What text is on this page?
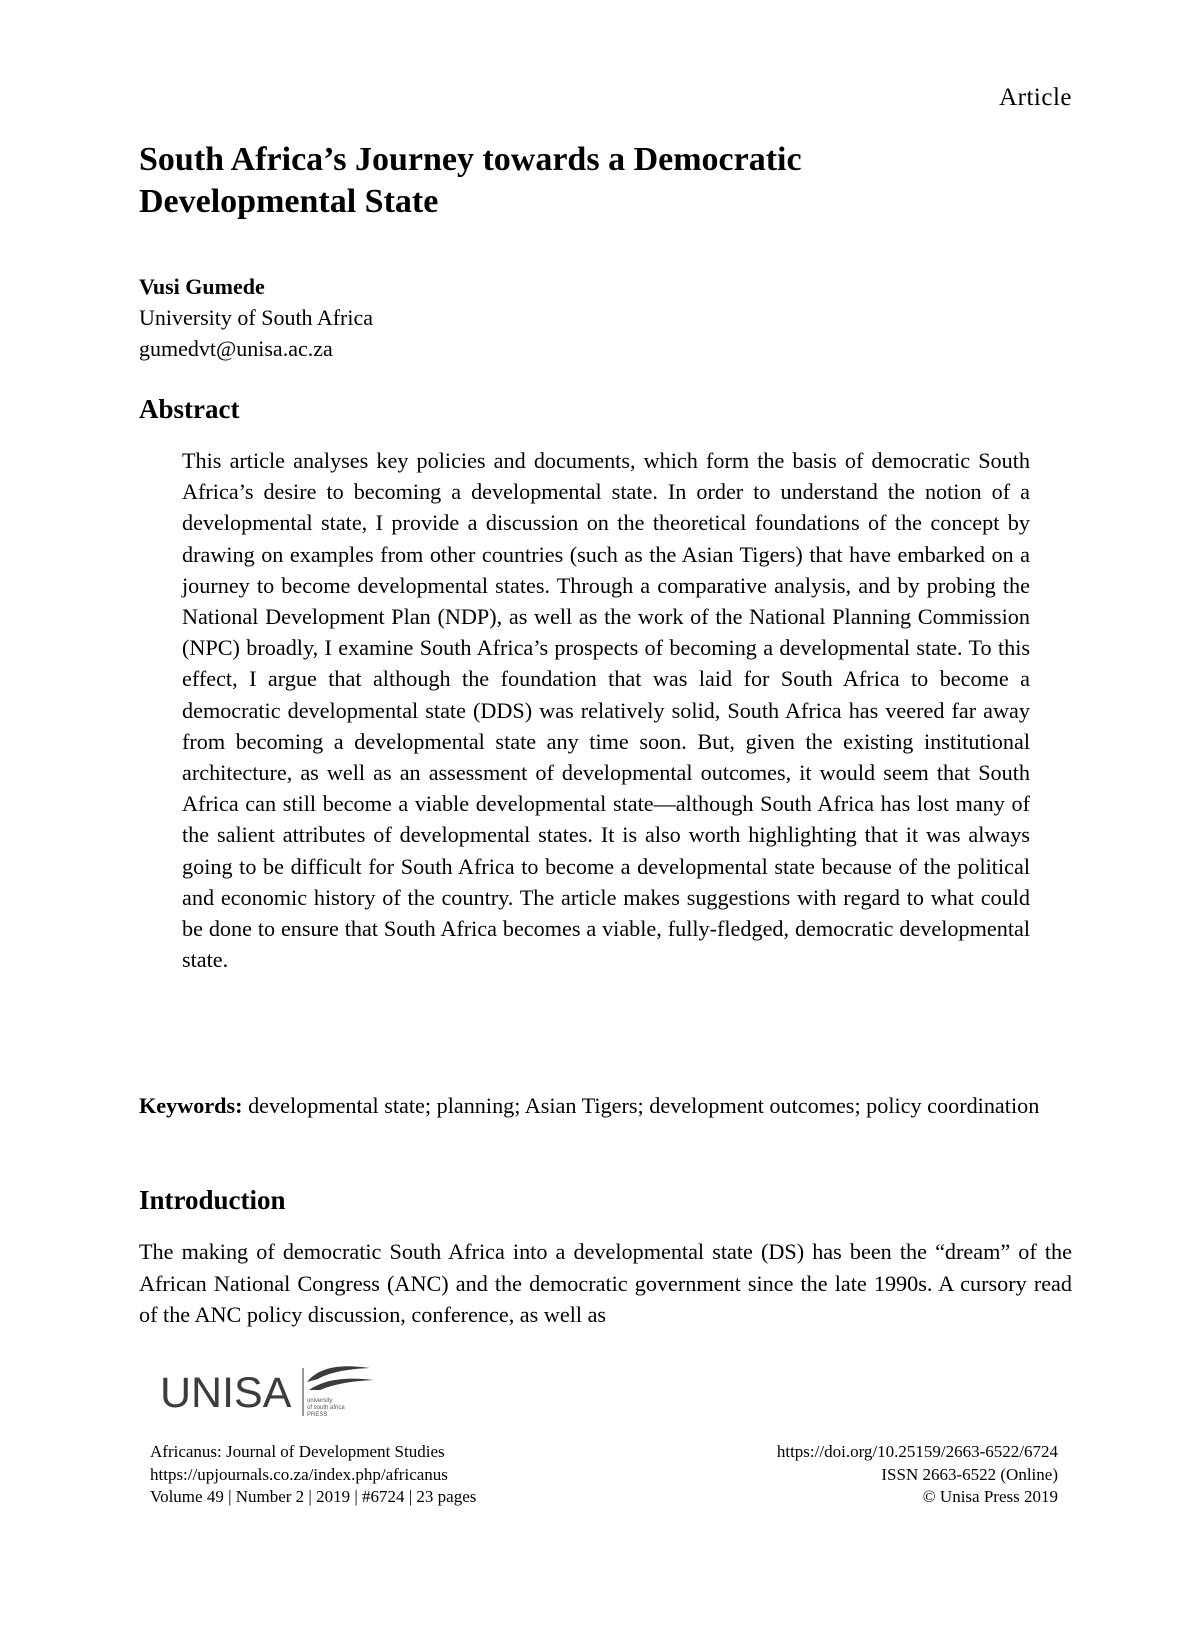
Article
South Africa’s Journey towards a Democratic Developmental State
Vusi Gumede
University of South Africa
gumedvt@unisa.ac.za
Abstract

This article analyses key policies and documents, which form the basis of democratic South Africa’s desire to becoming a developmental state. In order to understand the notion of a developmental state, I provide a discussion on the theoretical foundations of the concept by drawing on examples from other countries (such as the Asian Tigers) that have embarked on a journey to become developmental states. Through a comparative analysis, and by probing the National Development Plan (NDP), as well as the work of the National Planning Commission (NPC) broadly, I examine South Africa’s prospects of becoming a developmental state. To this effect, I argue that although the foundation that was laid for South Africa to become a democratic developmental state (DDS) was relatively solid, South Africa has veered far away from becoming a developmental state any time soon. But, given the existing institutional architecture, as well as an assessment of developmental outcomes, it would seem that South Africa can still become a viable developmental state—although South Africa has lost many of the salient attributes of developmental states. It is also worth highlighting that it was always going to be difficult for South Africa to become a developmental state because of the political and economic history of the country. The article makes suggestions with regard to what could be done to ensure that South Africa becomes a viable, fully-fledged, democratic developmental state.

Keywords: developmental state; planning; Asian Tigers; development outcomes; policy coordination

Introduction

The making of democratic South Africa into a developmental state (DS) has been the “dream” of the African National Congress (ANC) and the democratic government since the late 1990s. A cursory read of the ANC policy discussion, conference, as well as

UNISA	university
of south africa
PRESS
Africanus: Journal of Development Studies
https://upjournals.co.za/index.php/africanus
Volume 49 | Number 2 | 2019 | #6724 | 23 pages
https://doi.org/10.25159/2663-6522/6724
ISSN 2663-6522 (Online)
© Unisa Press 2019
